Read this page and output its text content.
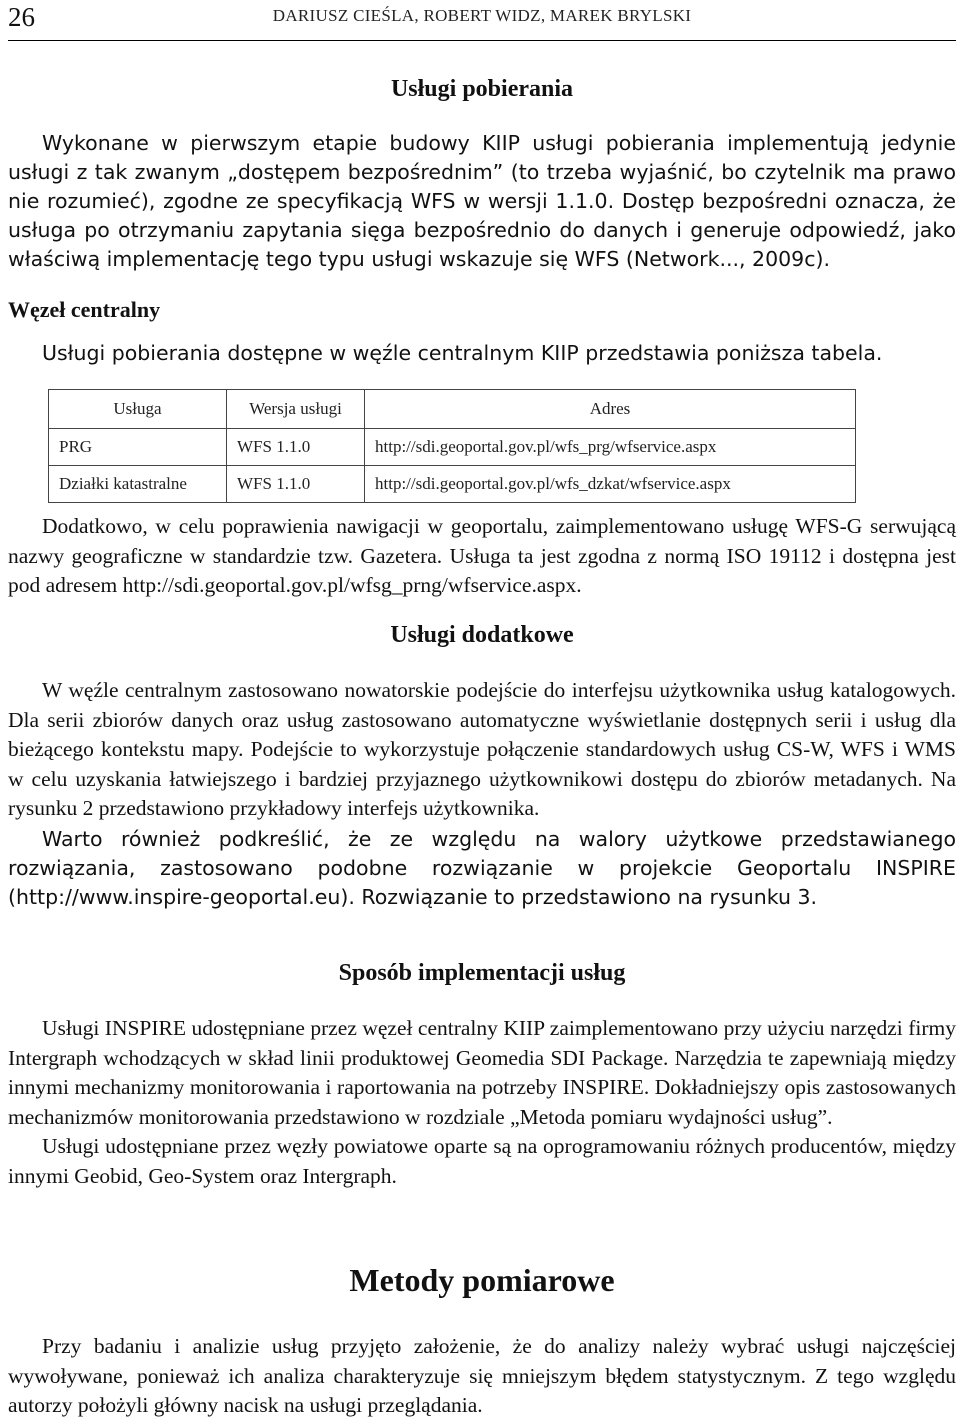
26	DARIUSZ CIEŚLA, ROBERT WIDZ, MAREK BRYLSKI
Usługi pobierania

Wykonane w pierwszym etapie budowy KIIP usługi pobierania implementują jedynie usługi z tak zwanym „dostępem bezpośrednim” (to trzeba wyjaśnić, bo czytelnik ma prawo nie rozumieć), zgodne ze specyfikacją WFS w wersji 1.1.0. Dostęp bezpośredni oznacza, że usługa po otrzymaniu zapytania sięga bezpośrednio do danych i generuje odpowiedź, jako właściwą implementację tego typu usługi wskazuje się WFS (Network..., 2009c).

Węzeł centralny

Usługi pobierania dostępne w węźle centralnym KIIP przedstawia poniższa tabela.

Usługa	Wersja usługi	Adres
PRG	WFS 1.1.0	http://sdi.geoportal.gov.pl/wfs_prg/wfservice.aspx
Działki katastralne	WFS 1.1.0	http://sdi.geoportal.gov.pl/wfs_dzkat/wfservice.aspx

Dodatkowo, w celu poprawienia nawigacji w geoportalu, zaimplementowano usługę WFS-G serwującą nazwy geograficzne w standardzie tzw. Gazetera. Usługa ta jest zgodna z normą ISO 19112 i dostępna jest pod adresem http://sdi.geoportal.gov.pl/wfsg_prng/wfservice.aspx.

Usługi dodatkowe

W węźle centralnym zastosowano nowatorskie podejście do interfejsu użytkownika usług katalogowych. Dla serii zbiorów danych oraz usług zastosowano automatyczne wyświetlanie dostępnych serii i usług dla bieżącego kontekstu mapy. Podejście to wykorzystuje połączenie standardowych usług CS-W, WFS i WMS w celu uzyskania łatwiejszego i bardziej przyjaznego użytkownikowi dostępu do zbiorów metadanych. Na rysunku 2 przedstawiono przykładowy interfejs użytkownika.

Warto również podkreślić, że ze względu na walory użytkowe przedstawianego rozwiązania, zastosowano podobne rozwiązanie w projekcie Geoportalu INSPIRE (http://www.inspire-geoportal.eu). Rozwiązanie to przedstawiono na rysunku 3.

Sposób implementacji usług

Usługi INSPIRE udostępniane przez węzeł centralny KIIP zaimplementowano przy użyciu narzędzi firmy Intergraph wchodzących w skład linii produktowej Geomedia SDI Package. Narzędzia te zapewniają między innymi mechanizmy monitorowania i raportowania na potrzeby INSPIRE. Dokładniejszy opis zastosowanych mechanizmów monitorowania przedstawiono w rozdziale „Metoda pomiaru wydajności usług”.

Usługi udostępniane przez węzły powiatowe oparte są na oprogramowaniu różnych producentów, między innymi Geobid, Geo-System oraz Intergraph.

Metody pomiarowe

Przy badaniu i analizie usług przyjęto założenie, że do analizy należy wybrać usługi najczęściej wywoływane, ponieważ ich analiza charakteryzuje się mniejszym błędem statystycznym. Z tego względu autorzy położyli główny nacisk na usługi przeglądania.
